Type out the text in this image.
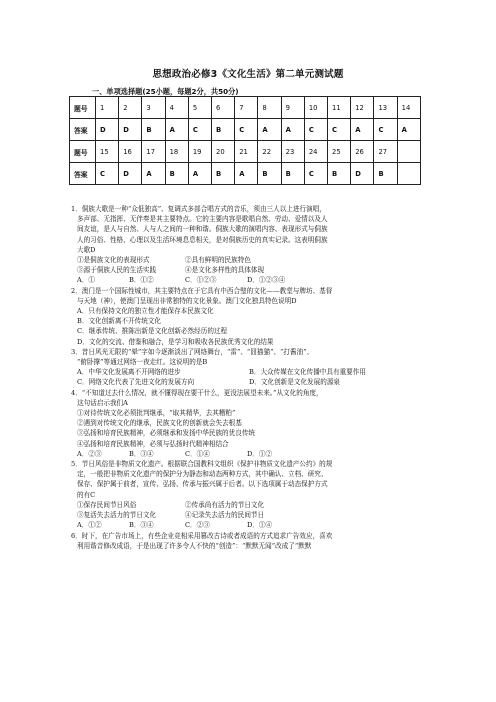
思想政治必修3《文化生活》第二单元测试题
一、单项选择题(25小题，每题2分，共50分)
题号	1	2	3	4	5	6	7	8	9	10	11	12	13	14
答案	D	D	B	A	C	B	C	A	A	C	C	A	C	A
题号	15	16	17	18	19	20	21	22	23	24	25	26	27	
答案	C	D	A	B	A	B	A	B	B	C	B	D	B	
1．侗族大歌是一种“众低独高”、复调式多部合唱方式的音乐，须由三人以上进行演唱，
多声部、无指挥、无伴奏是其主要特点。它的主要内容是歌唱自然、劳动、爱情以及人
间友谊，是人与自然、人与人之间的一种和谐。侗族大歌的演唱内容、表现形式与侗族
人的习俗、性格、心理以及生活环境息息相关，是对侗族历史的真实记录。这表明侗族
大歌D
①是侗族文化的表现形式	②具有鲜明的民族特色
③源于侗族人民的生活实践	④是文化多样性的具体体现
A．①	B．①②	C．①②③	D．①②③④
2．澳门是一个国际性城市，其主要特点在于它具有中西合璧的文化——教堂与牌坊、基督
与天地（神），使澳门呈现出非常独特的文化景象。澳门文化独具特色说明D
A．只有保持文化的独立性才能保存本民族文化
B．文化创新离不开传统文化
C．继承传统、推陈出新是文化创新必然经历的过程
D．文化的交流、借鉴和融合，是学习和吸收各民族优秀文化的结果
3．昔日风光无限的“晕”字如今逐渐淡出了网络舞台，“雷”、“囧猫猫”、“打酱油”、
“俯卧撑”等通过网络一夜走红。这说明的是B
A．中华文化发展离不开网络的进步	B．大众传媒在文化传播中具有重要作用
C．网络文化代表了先进文化的发展方向	D．文化创新是文化发展的源泉
4．“不知道过去什么情况，就不懂得现在要干什么，更没法展望未来。”从文化的角度，
这句话启示我们A
①对待传统文化必须批判继承，“取其精华，去其糟粕”
②遇到对传统文化的继承，民族文化的创新就会失去根基
③弘扬和培育民族精神，必须继承和发扬中华民族的优良传统
④弘扬和培育民族精神，必须与弘扬时代精神相结合
A．②③	B．③④	C．①④	D．①②
5．节日风俗是非物质文化遗产。根据联合国教科文组织《保护非物质文化遗产公约》的规
定，一般把非物质文化遗产的保护分为静态和动态两种方式，其中确认、立档、研究、
保存、保护属于前者，宣传、弘扬、传承与振兴属于后者。以下选项属于动态保护方式
的有C
①保存民间节日风俗	②传承尚有活力的节日文化
③复活失去活力的节日文化	④记录失去活力的民间节日
A．①②	B．③④	C．②③	D．①④
6．时下，在广告市场上，有些企业竞相采用篡改古诗或者成语的方式追求广告效应，喜欢
利用谐音修改成语，于是出现了许多令人不快的“创造”：“默默无闻”改成了“默默
